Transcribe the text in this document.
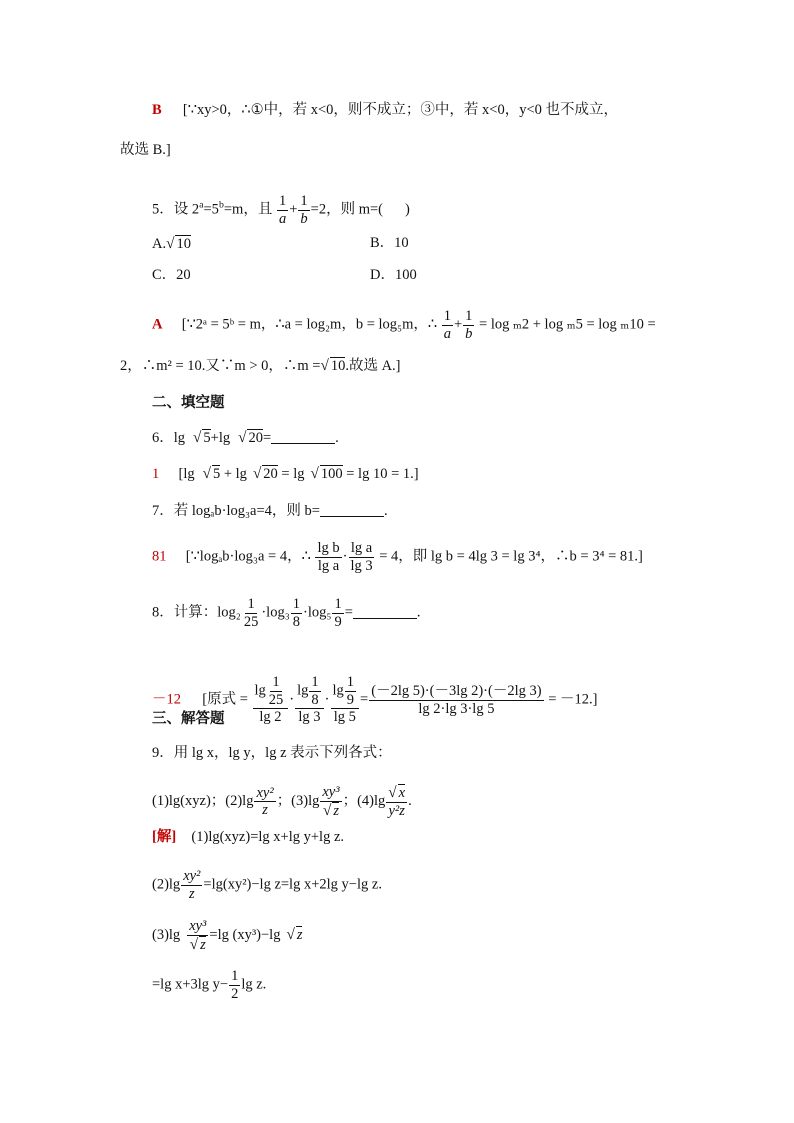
B [∵xy>0，∴①中，若 x<0，则不成立；③中，若 x<0，y<0 也不成立，
故选 B.]
5．设 $2^a=5^b=m$，且 $\frac{1}{a} + \frac{1}{b} =2$，则 m=( )
A.√ 10	B．10
C．20	D．100
A [∵2ᵃ = 5ᵇ = m，∴a = log₂m，b = log₅m，∴ $\frac{1}{a} + \frac{1}{b} = \log _m2 + \log _m5 = \log _m10$ =
2，∴m² = 10.又∵m > 0，∴m =√ 10.故选 A.]
二、填空题
6．lg √ 5+lg √ 20=	.
1 [lg √ 5 + lg √ 20 = lg √ 100 = lg 10 = 1.]
7．若 logₐb·log₃a=4，则 b=	.
81 [∵logₐb·log₃a = 4，∴ $\frac{\text{lg b}}{\text{lg a}} \cdot \frac{\text{lg a}}{\lg 3} = 4$，即 lg b = 4lg 3 = lg 3⁴，∴b = 3⁴ = 81.]
8．计算：$\log_2 \frac{1}{25} \cdot\log_3 \frac{1}{8} \cdot\log_5 \frac{1}{9}$ =	.
－12 [原式 = $\frac{\lg \frac{1}{25}}{\lg 2} \cdot \frac{\lg \frac{1}{8}}{\lg 3} \cdot \frac{\lg \frac{1}{9}}{\lg 5} = \frac{(-2\lg 5)\cdot(-3\lg 2)\cdot(-2\lg 3)}{\lg 2\cdot\lg 3\cdot\lg 5} = -12$.]
三、解答题
9．用 lg x，lg y，lg z 表示下列各式：
(1)lg(xyz)；$(2)\lg \frac{\text{xy²}}{z}$ ；$(3)\lg \frac{\text{xy³}}{√ z}$ ；$(4)\lg \frac{√ x}{\text{y²z}}$ .
[解] (1)lg(xyz)=lg x+lg y+lg z.
$(2)\lg \frac{\text{xy²}}{z} =\lg(xy^2)-\lg$ z=lg x+2lg y−lg z.
$(3)\lg \frac{\text{xy³}}{√ z} =\lg$ (xy³)−lg √ z
=lg x+3lg $y- \frac{1}{2}$ lg z.
